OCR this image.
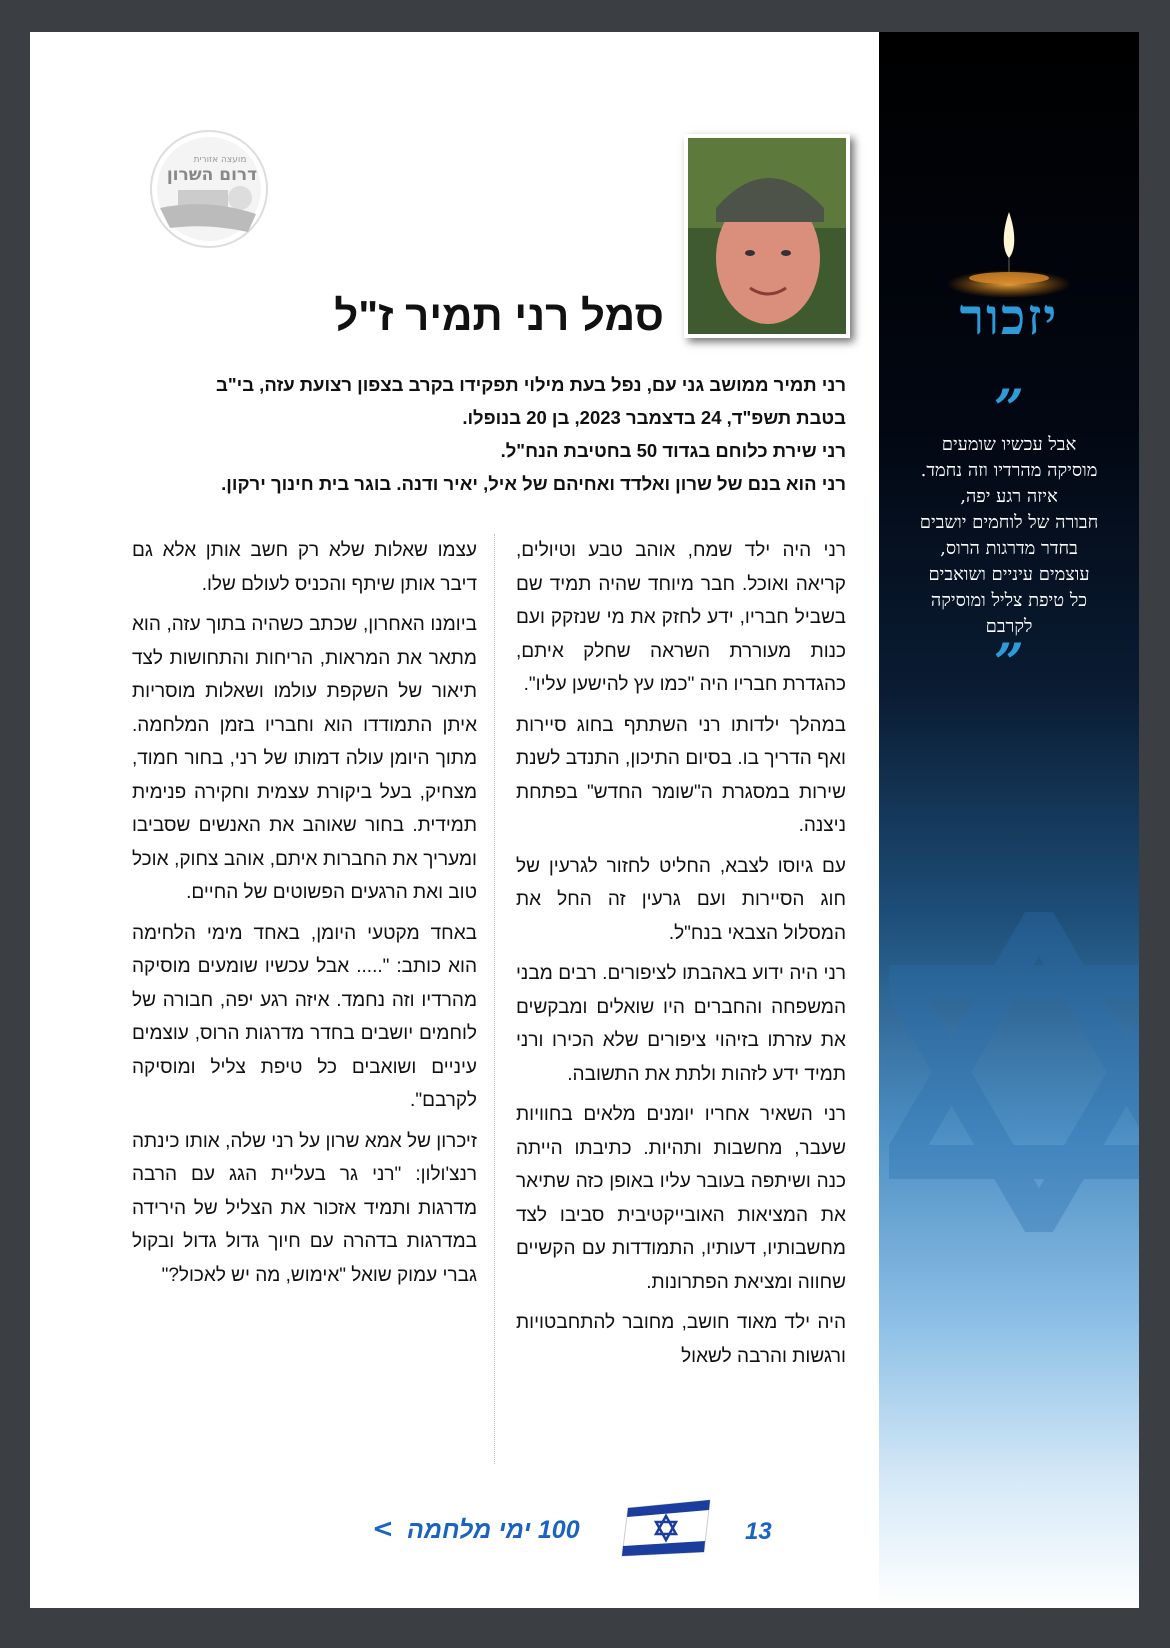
יזכור
”
אבל עכשיו שומעים
מוסיקה מהרדיו וזה נחמד.
איזה רגע יפה,
חבורה של לוחמים יושבים
בחדר מדרגות הרוס,
עוצמים עיניים ושואבים
כל טיפת צליל ומוסיקה
לקרבם
”
מועצה אזורית
דרום השרון
סמל רני תמיר ז"ל

רני תמיר ממושב גני עם, נפל בעת מילוי תפקידו בקרב בצפון רצועת עזה, בי"ב

בטבת תשפ"ד, 24 בדצמבר 2023, בן 20 בנופלו.

רני שירת כלוחם בגדוד 50 בחטיבת הנח"ל.

רני הוא בנם של שרון ואלדד ואחיהם של איל, יאיר ודנה. בוגר בית חינוך ירקון.

רני היה ילד שמח, אוהב טבע וטיולים, קריאה ואוכל. חבר מיוחד שהיה תמיד שם בשביל חבריו, ידע לחזק את מי שנזקק ועם כנות מעוררת השראה שחלק איתם, כהגדרת חבריו היה "כמו עץ להישען עליו".

במהלך ילדותו רני השתתף בחוג סיירות ואף הדריך בו. בסיום התיכון, התנדב לשנת שירות במסגרת ה"שומר החדש" בפתחת ניצנה.

עם גיוסו לצבא, החליט לחזור לגרעין של חוג הסיירות ועם גרעין זה החל את המסלול הצבאי בנח"ל.

רני היה ידוע באהבתו לציפורים. רבים מבני המשפחה והחברים היו שואלים ומבקשים את עזרתו בזיהוי ציפורים שלא הכירו ורני תמיד ידע לזהות ולתת את התשובה.

רני השאיר אחריו יומנים מלאים בחוויות שעבר, מחשבות ותהיות. כתיבתו הייתה כנה ושיתפה בעובר עליו באופן כזה שתיאר את המציאות האובייקטיבית סביבו לצד מחשבותיו, דעותיו, התמודדות עם הקשיים שחווה ומציאת הפתרונות.

היה ילד מאוד חושב, מחובר להתחבטויות ורגשות והרבה לשאול

עצמו שאלות שלא רק חשב אותן אלא גם דיבר אותן שיתף והכניס לעולם שלו.

ביומנו האחרון, שכתב כשהיה בתוך עזה, הוא מתאר את המראות, הריחות והתחושות לצד תיאור של השקפת עולמו ושאלות מוסריות איתן התמודדו הוא וחבריו בזמן המלחמה. מתוך היומן עולה דמותו של רני, בחור חמוד, מצחיק, בעל ביקורת עצמית וחקירה פנימית תמידית. בחור שאוהב את האנשים שסביבו ומעריך את החברות איתם, אוהב צחוק, אוכל טוב ואת הרגעים הפשוטים של החיים.

באחד מקטעי היומן, באחד מימי הלחימה הוא כותב: "..... אבל עכשיו שומעים מוסיקה מהרדיו וזה נחמד. איזה רגע יפה, חבורה של לוחמים יושבים בחדר מדרגות הרוס, עוצמים עיניים ושואבים כל טיפת צליל ומוסיקה לקרבם".

זיכרון של אמא שרון על רני שלה, אותו כינתה רנצ'ולון: "רני גר בעליית הגג עם הרבה מדרגות ותמיד אזכור את הצליל של הירידה במדרגות בדהרה עם חיוך גדול גדול ובקול גברי עמוק שואל "אימוש, מה יש לאכול?"

13
100 ימי מלחמה
<
